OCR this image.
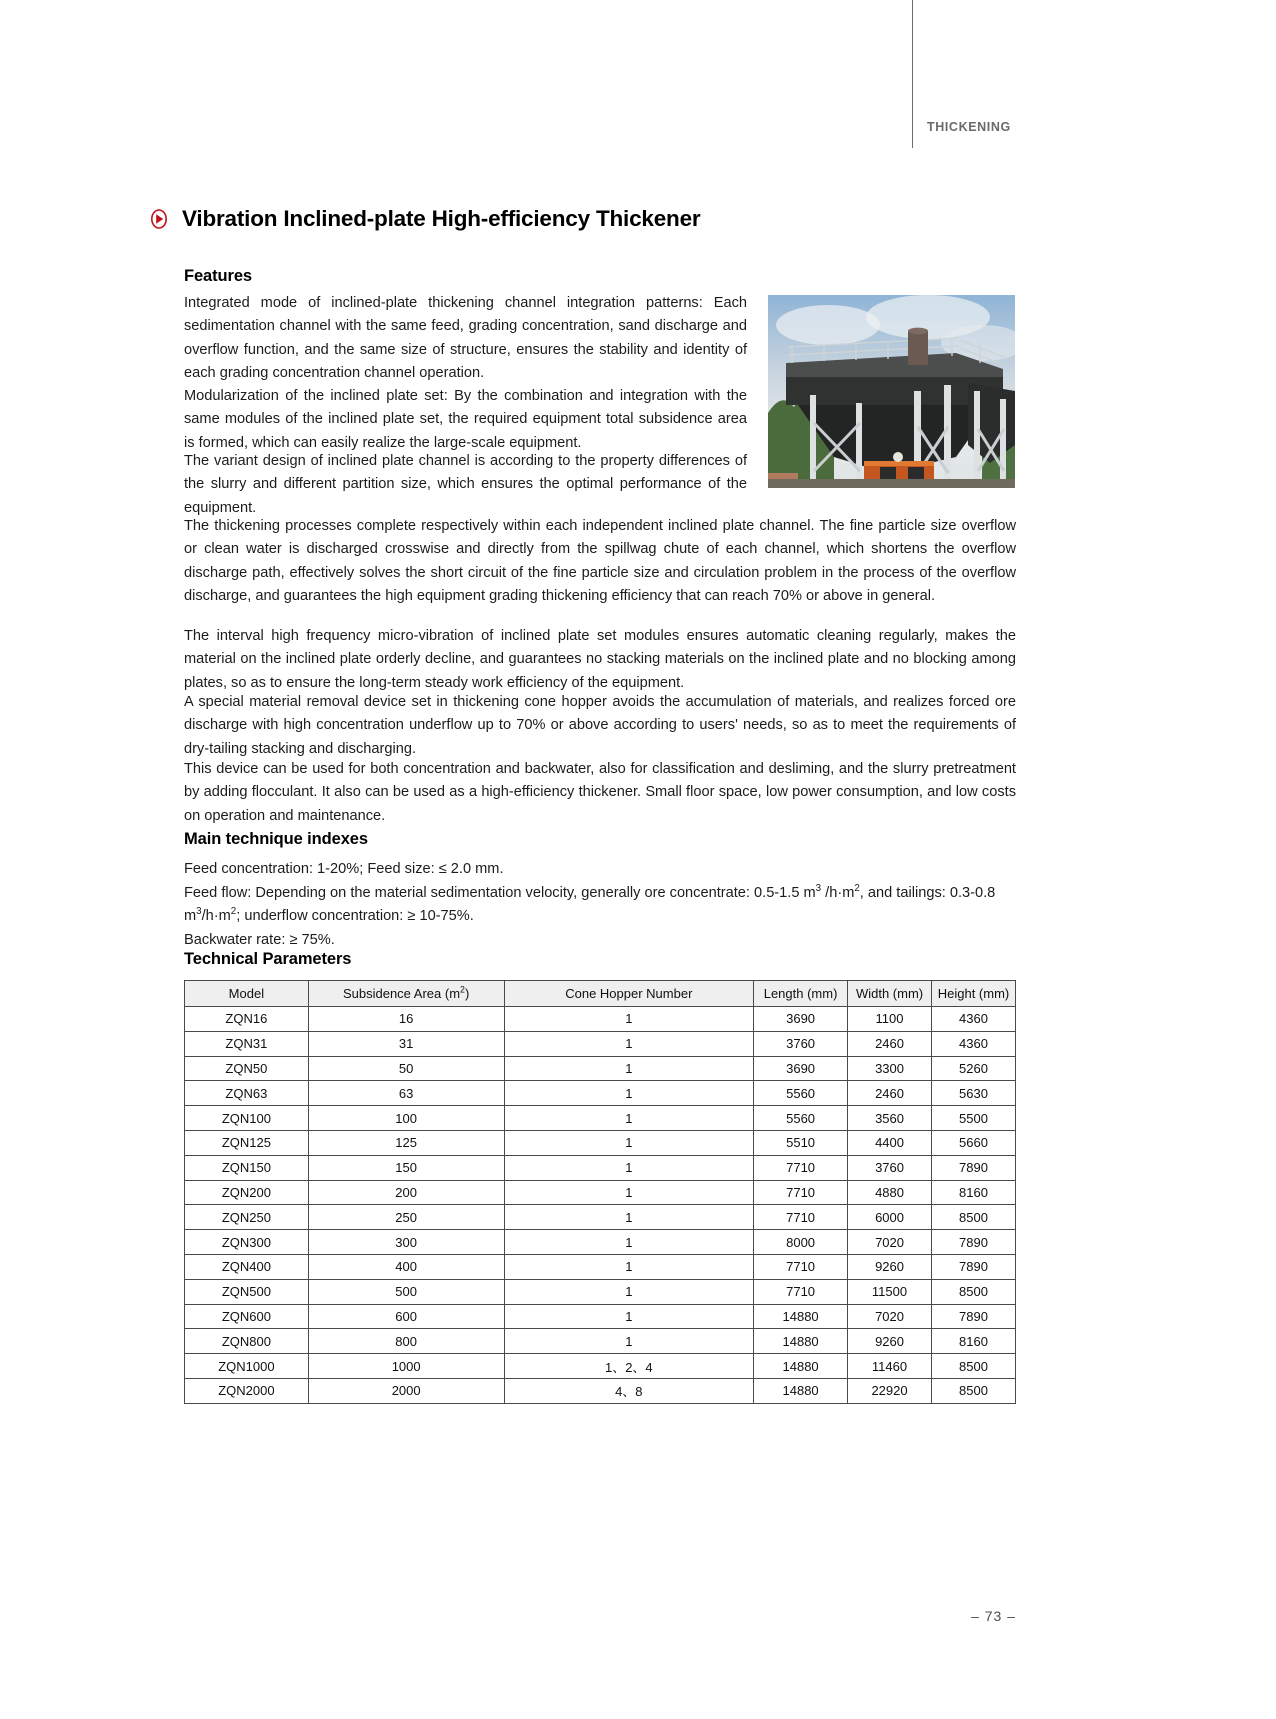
THICKENING
Vibration Inclined-plate High-efficiency Thickener
Features
Integrated mode of inclined-plate thickening channel integration patterns: Each sedimentation channel with the same feed, grading concentration, sand discharge and overflow function, and the same size of structure, ensures the stability and identity of each grading concentration channel operation.
Modularization of the inclined plate set: By the combination and integration with the same modules of the inclined plate set, the required equipment total subsidence area is formed, which can easily realize the large-scale equipment.
The variant design of inclined plate channel is according to the property differences of the slurry and different partition size, which ensures the optimal performance of the equipment.
The thickening processes complete respectively within each independent inclined plate channel. The fine particle size overflow or clean water is discharged crosswise and directly from the spillwag chute of each channel, which shortens the overflow discharge path, effectively solves the short circuit of the fine particle size and circulation problem in the process of the overflow discharge, and guarantees the high equipment grading thickening efficiency that can reach 70% or above in general.
The interval high frequency micro-vibration of inclined plate set modules ensures automatic cleaning regularly, makes the material on the inclined plate orderly decline, and guarantees no stacking materials on the inclined plate and no blocking among plates, so as to ensure the long-term steady work efficiency of the equipment.
A special material removal device set in thickening cone hopper avoids the accumulation of materials, and realizes forced ore discharge with high concentration underflow up to 70% or above according to users' needs, so as to meet the requirements of dry-tailing stacking and discharging.
This device can be used for both concentration and backwater, also for classification and desliming, and the slurry pretreatment by adding flocculant. It also can be used as a high-efficiency thickener. Small floor space, low power consumption, and low costs on operation and maintenance.
Main technique indexes
Feed concentration: 1-20%; Feed size: ≤ 2.0 mm.
Feed flow: Depending on the material sedimentation velocity, generally ore concentrate: 0.5-1.5 $m^3$ $/h\cdot m^2$, and tailings: 0.3-0.8 $m^3/h\cdot m^2$; underflow concentration: ≥ 10-75%.
Backwater rate: ≥ 75%.
Technical Parameters
Model	Subsidence Area $(m^2)$	Cone Hopper Number	Length (mm)	Width (mm)	Height (mm)
ZQN16	16	1	3690	1100	4360
ZQN31	31	1	3760	2460	4360
ZQN50	50	1	3690	3300	5260
ZQN63	63	1	5560	2460	5630
ZQN100	100	1	5560	3560	5500
ZQN125	125	1	5510	4400	5660
ZQN150	150	1	7710	3760	7890
ZQN200	200	1	7710	4880	8160
ZQN250	250	1	7710	6000	8500
ZQN300	300	1	8000	7020	7890
ZQN400	400	1	7710	9260	7890
ZQN500	500	1	7710	11500	8500
ZQN600	600	1	14880	7020	7890
ZQN800	800	1	14880	9260	8160
ZQN1000	1000	1、2、4	14880	11460	8500
ZQN2000	2000	4、8	14880	22920	8500
– 73 –
